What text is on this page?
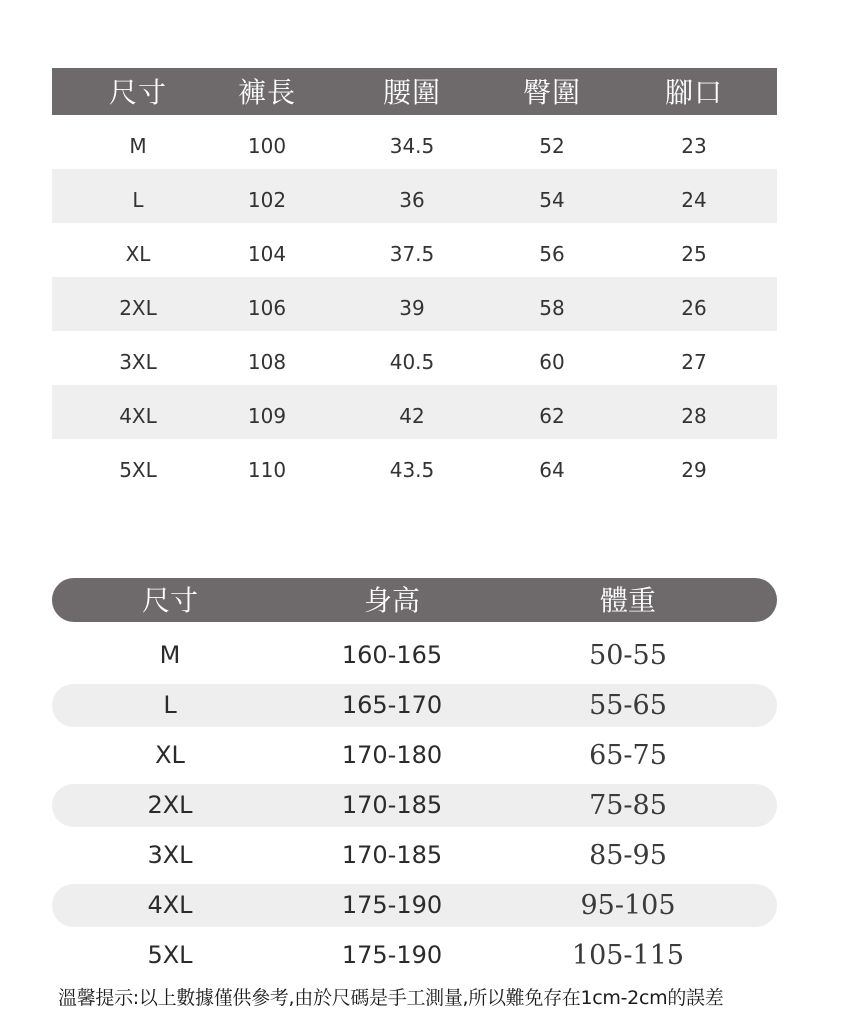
尺寸	褲長	腰圍	臀圍	腳口
M	100	34.5	52	23
L	102	36	54	24
XL	104	37.5	56	25
2XL	106	39	58	26
3XL	108	40.5	60	27
4XL	109	42	62	28
5XL	110	43.5	64	29
尺寸	身高	體重
M	160-165	50-55
L	165-170	55-65
XL	170-180	65-75
2XL	170-185	75-85
3XL	170-185	85-95
4XL	175-190	95-105
5XL	175-190	105-115
溫馨提示:以上數據僅供參考,由於尺碼是手工測量,所以難免存在1cm-2cm的誤差
